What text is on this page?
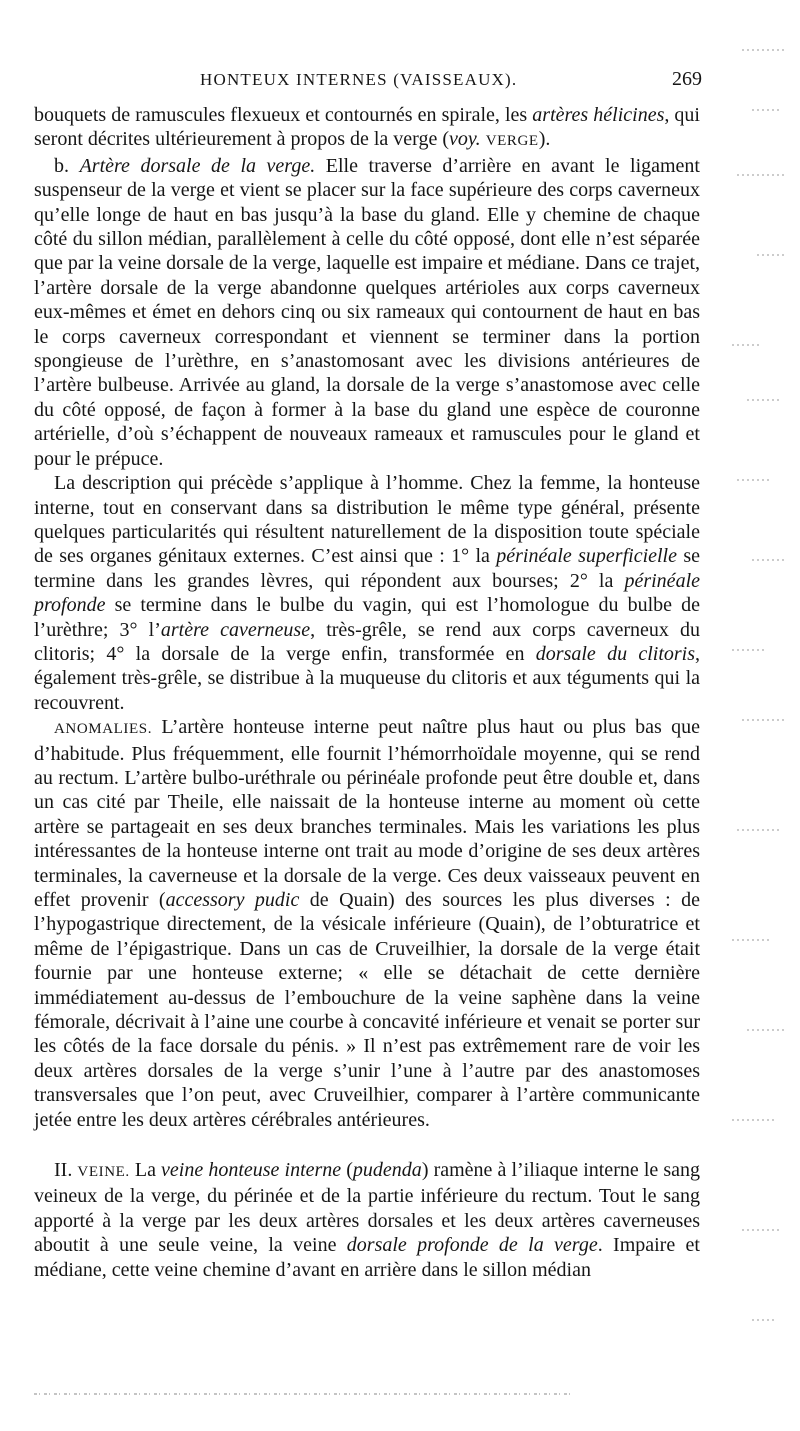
HONTEUX INTERNES (VAISSEAUX).	269

bouquets de ramuscules flexueux et contournés en spirale, les artères hélicines, qui seront décrites ultérieurement à propos de la verge (voy. VERGE).

b. Artère dorsale de la verge. Elle traverse d’arrière en avant le ligament suspenseur de la verge et vient se placer sur la face supérieure des corps caverneux qu’elle longe de haut en bas jusqu’à la base du gland. Elle y chemine de chaque côté du sillon médian, parallèlement à celle du côté opposé, dont elle n’est séparée que par la veine dorsale de la verge, laquelle est impaire et médiane. Dans ce trajet, l’artère dorsale de la verge abandonne quelques artérioles aux corps caverneux eux-mêmes et émet en dehors cinq ou six rameaux qui contournent de haut en bas le corps caverneux correspondant et viennent se terminer dans la portion spongieuse de l’urèthre, en s’anastomosant avec les divisions antérieures de l’artère bulbeuse. Arrivée au gland, la dorsale de la verge s’anastomose avec celle du côté opposé, de façon à former à la base du gland une espèce de couronne artérielle, d’où s’échappent de nouveaux rameaux et ramuscules pour le gland et pour le prépuce.

La description qui précède s’applique à l’homme. Chez la femme, la honteuse interne, tout en conservant dans sa distribution le même type général, présente quelques particularités qui résultent naturellement de la disposition toute spéciale de ses organes génitaux externes. C’est ainsi que : 1° la périnéale superficielle se termine dans les grandes lèvres, qui répondent aux bourses; 2° la périnéale profonde se termine dans le bulbe du vagin, qui est l’homologue du bulbe de l’urèthre; 3° l’artère caverneuse, très-grêle, se rend aux corps caverneux du clitoris; 4° la dorsale de la verge enfin, transformée en dorsale du clitoris, également très-grêle, se distribue à la muqueuse du clitoris et aux téguments qui la recouvrent.

ANOMALIES. L’artère honteuse interne peut naître plus haut ou plus bas que d’habitude. Plus fréquemment, elle fournit l’hémorrhoïdale moyenne, qui se rend au rectum. L’artère bulbo-uréthrale ou périnéale profonde peut être double et, dans un cas cité par Theile, elle naissait de la honteuse interne au moment où cette artère se partageait en ses deux branches terminales. Mais les variations les plus intéressantes de la honteuse interne ont trait au mode d’origine de ses deux artères terminales, la caverneuse et la dorsale de la verge. Ces deux vaisseaux peuvent en effet provenir (accessory pudic de Quain) des sources les plus diverses : de l’hypogastrique directement, de la vésicale inférieure (Quain), de l’obturatrice et même de l’épigastrique. Dans un cas de Cruveilhier, la dorsale de la verge était fournie par une honteuse externe; « elle se détachait de cette dernière immédiatement au-dessus de l’embouchure de la veine saphène dans la veine fémorale, décrivait à l’aine une courbe à concavité inférieure et venait se porter sur les côtés de la face dorsale du pénis. » Il n’est pas extrêmement rare de voir les deux artères dorsales de la verge s’unir l’une à l’autre par des anastomoses transversales que l’on peut, avec Cruveilhier, comparer à l’artère communicante jetée entre les deux artères cérébrales antérieures.

II. VEINE. La veine honteuse interne (pudenda) ramène à l’iliaque interne le sang veineux de la verge, du périnée et de la partie inférieure du rectum. Tout le sang apporté à la verge par les deux artères dorsales et les deux artères caverneuses aboutit à une seule veine, la veine dorsale profonde de la verge. Impaire et médiane, cette veine chemine d’avant en arrière dans le sillon médian
